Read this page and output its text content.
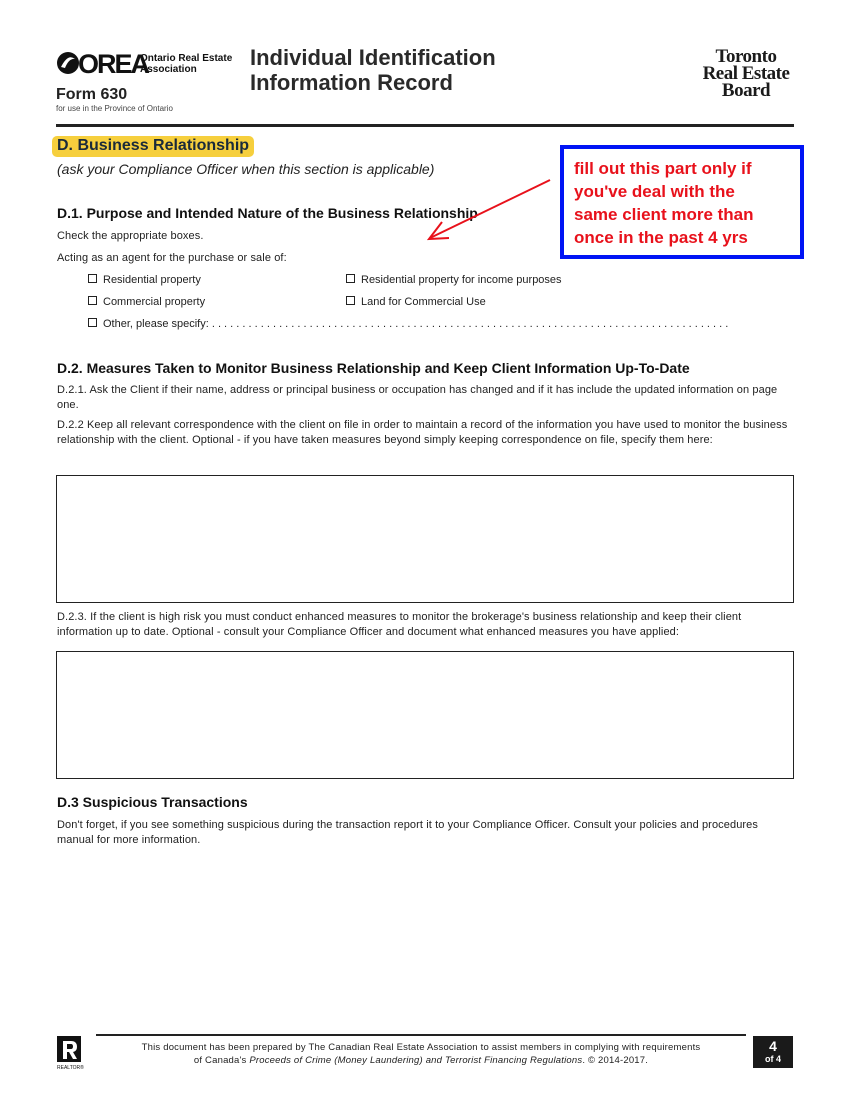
OREA
Ontario Real Estate
Association
Form 630
for use in the Province of Ontario
Individual Identification
Information Record
Toronto
Real Estate
Board
D. Business Relationship
(ask your Compliance Officer when this section is applicable)
D.1. Purpose and Intended Nature of the Business Relationship
Check the appropriate boxes.
Acting as an agent for the purchase or sale of:
Residential property	Residential property for income purposes
Commercial property	Land for Commercial Use
Other, please specify: . . . . . . . . . . . . . . . . . . . . . . . . . . . . . . . . . . . . . . . . . . . . . . . . . . . . . . . . . . . . . . . . . . . . . . . . . . . . . . . . . . . . .
D.2. Measures Taken to Monitor Business Relationship and Keep Client Information Up-To-Date
D.2.1. Ask the Client if their name, address or principal business or occupation has changed and if it has include the updated information on page one.
D.2.2 Keep all relevant correspondence with the client on file in order to maintain a record of the information you have used to monitor the business relationship with the client. Optional - if you have taken measures beyond simply keeping correspondence on file, specify them here:
D.2.3. If the client is high risk you must conduct enhanced measures to monitor the brokerage's business relationship and keep their client information up to date. Optional - consult your Compliance Officer and document what enhanced measures you have applied:
D.3 Suspicious Transactions
Don't forget, if you see something suspicious during the transaction report it to your Compliance Officer. Consult your policies and procedures manual for more information.
fill out this part only if
you've deal with the
same client more than
once in the past 4 yrs
REALTOR®
This document has been prepared by The Canadian Real Estate Association to assist members in complying with requirements
of Canada's Proceeds of Crime (Money Laundering) and Terrorist Financing Regulations. © 2014-2017.
4
of 4
